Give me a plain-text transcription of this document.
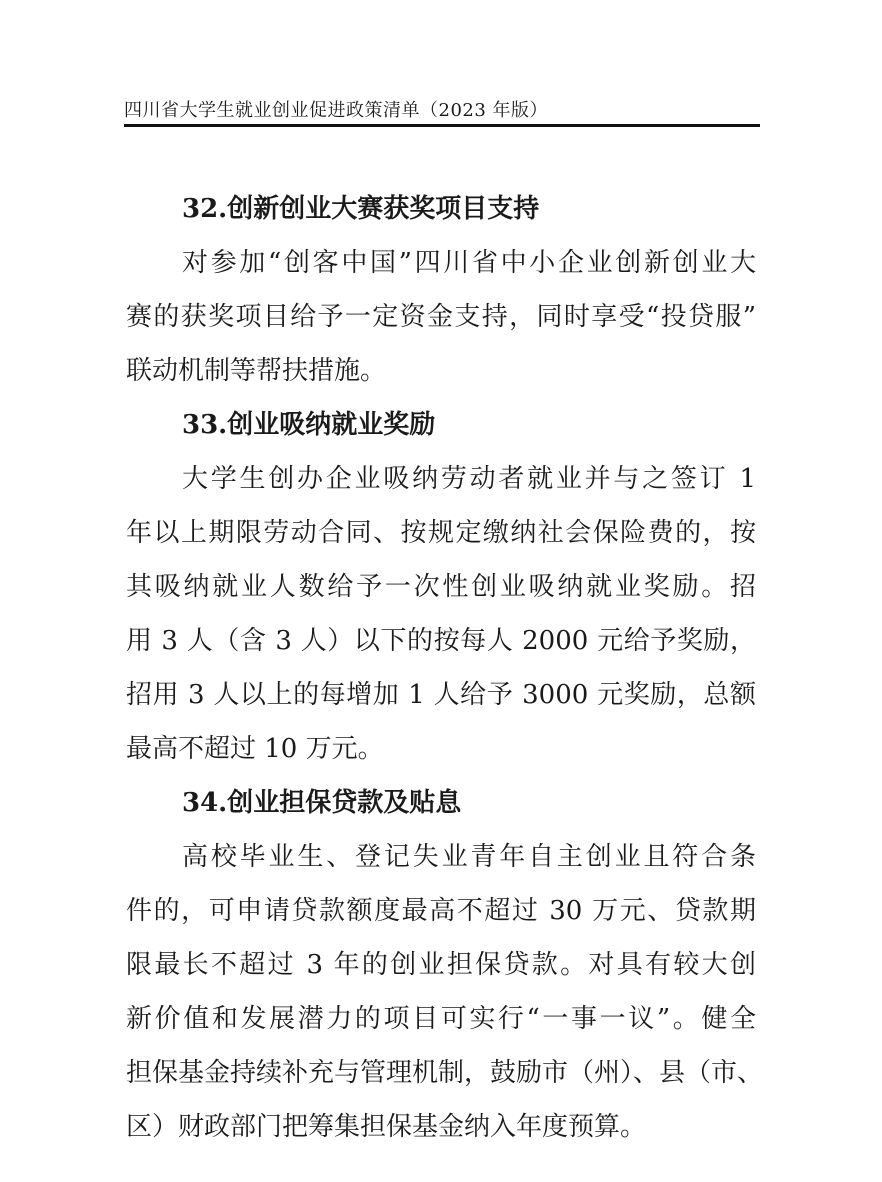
四川省大学生就业创业促进政策清单（2023 年版）
32.创新创业大赛获奖项目支持
对参加“创客中国”四川省中小企业创新创业大
赛的获奖项目给予一定资金支持，同时享受“投贷服”
联动机制等帮扶措施。
33.创业吸纳就业奖励
大学生创办企业吸纳劳动者就业并与之签订 1
年以上期限劳动合同、按规定缴纳社会保险费的，按
其吸纳就业人数给予一次性创业吸纳就业奖励。招
用 3 人（含 3 人）以下的按每人 2000 元给予奖励，
招用 3 人以上的每增加 1 人给予 3000 元奖励，总额
最高不超过 10 万元。
34.创业担保贷款及贴息
高校毕业生、登记失业青年自主创业且符合条
件的，可申请贷款额度最高不超过 30 万元、贷款期
限最长不超过 3 年的创业担保贷款。对具有较大创
新价值和发展潜力的项目可实行“一事一议”。健全
担保基金持续补充与管理机制，鼓励市（州）、县（市、
区）财政部门把筹集担保基金纳入年度预算。
